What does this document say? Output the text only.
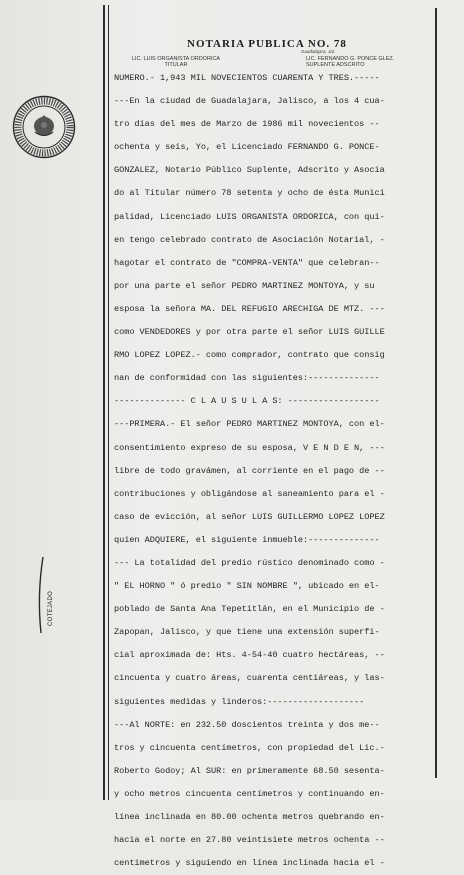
NOTARIA PUBLICA NO. 78
Guadalajara, Jal.
LIC. LUIS ORGANISTA ORDORICA
TITULAR
LIC. FERNANDO G. PONCE GLEZ.
SUPLENTE ADSCRITO
NUMERO.- 1,943 MIL NOVECIENTOS CUARENTA Y TRES.-----
---En la ciudad de Guadalajara, Jalisco, a los 4 cua-
tro días del mes de Marzo de 1986 mil novecientos --
ochenta y seis, Yo, el Licenciado FERNANDO G. PONCE-
GONZALEZ, Notario Público Suplente, Adscrito y Asocia
do al Titular número 78 setenta y ocho de ésta Munici
palidad, Licenciado LUIS ORGANISTA ORDORICA, con qui-
en tengo celebrado contrato de Asociación Notarial, -
hagotar el contrato de "COMPRA-VENTA" que celebran--
por una parte el señor PEDRO MARTINEZ MONTOYA, y su
esposa la señora MA. DEL REFUGIO ARECHIGA DE MTZ. ---
como VENDEDORES y por otra parte el señor LUIS GUILLE
RMO LOPEZ LOPEZ.- como comprador, contrato que consig
nan de conformidad con las siguientes:--------------
-------------- C L A U S U L A S: ------------------
---PRIMERA.- El señor PEDRO MARTINEZ MONTOYA, con el-
consentimiento expreso de su esposa, V E N D E N, ---
libre de todo gravámen, al corriente en el pago de --
contribuciones y obligándose al saneamiento para el -
caso de evicción, al señor LUIS GUILLERMO LOPEZ LOPEZ
quien ADQUIERE, el siguiente inmueble:--------------
--- La totalidad del predio rústico denominado como -
" EL HORNO " ó predio " SIN NOMBRE ", ubicado en el-
poblado de Santa Ana Tepetitlán, en el Municipio de -
Zapopan, Jalisco, y que tiene una extensión superfi-
cial aproximada de: Hts. 4-54-40 cuatro hectáreas, --
cincuenta y cuatro áreas, cuarenta centiáreas, y las-
siguientes medidas y linderos:-------------------
---Al NORTE: en 232.50 doscientos treinta y dos me--
tros y cincuenta centímetros, con propiedad del Lic.-
Roberto Godoy; Al SUR: en primeramente 68.50 sesenta-
y ocho metros cincuenta centímetros y continuando en-
línea inclinada en 80.00 ochenta metros quebrando en-
hacia el norte en 27.80 veintisiete metros ochenta --
centímetros y siguiendo en línea inclinada hacia el -
COTEJADO
